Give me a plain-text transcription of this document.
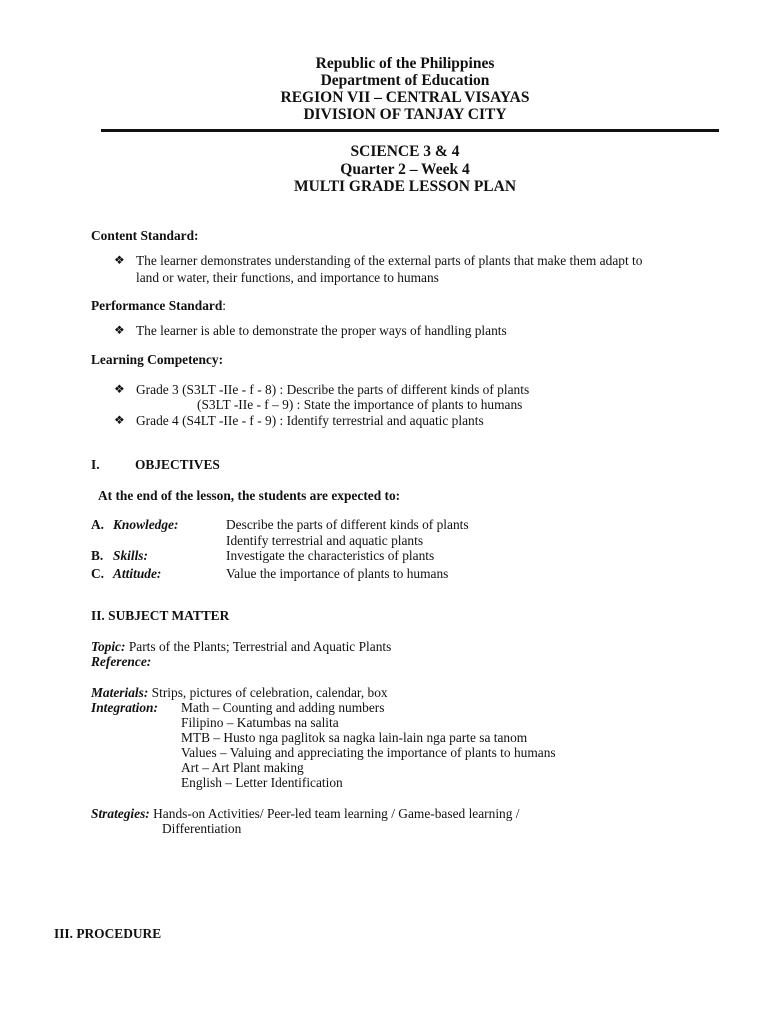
Republic of the Philippines
Department of Education
REGION VII – CENTRAL VISAYAS
DIVISION OF TANJAY CITY
SCIENCE 3 & 4
Quarter 2 – Week 4
MULTI GRADE LESSON PLAN
Content Standard:
❖ The learner demonstrates understanding of the external parts of plants that make them adapt to
land or water, their functions, and importance to humans
Performance Standard:
❖ The learner is able to demonstrate the proper ways of handling plants
Learning Competency:
❖ Grade 3 (S3LT -IIe - f - 8) : Describe the parts of different kinds of plants
(S3LT -IIe - f – 9) : State the importance of plants to humans
❖ Grade 4 (S4LT -IIe - f - 9) : Identify terrestrial and aquatic plants
I.	OBJECTIVES
At the end of the lesson, the students are expected to:
A. Knowledge:	Describe the parts of different kinds of plants
Identify terrestrial and aquatic plants
B. Skills:	Investigate the characteristics of plants
C. Attitude:	Value the importance of plants to humans
II. SUBJECT MATTER
Topic: Parts of the Plants; Terrestrial and Aquatic Plants
Reference:
Materials: Strips, pictures of celebration, calendar, box
Integration: Math – Counting and adding numbers
Filipino – Katumbas na salita
MTB – Husto nga paglitok sa nagka lain-lain nga parte sa tanom
Values – Valuing and appreciating the importance of plants to humans
Art – Art Plant making
English – Letter Identification
Strategies: Hands-on Activities/ Peer-led team learning / Game-based learning /
Differentiation
III. PROCEDURE
